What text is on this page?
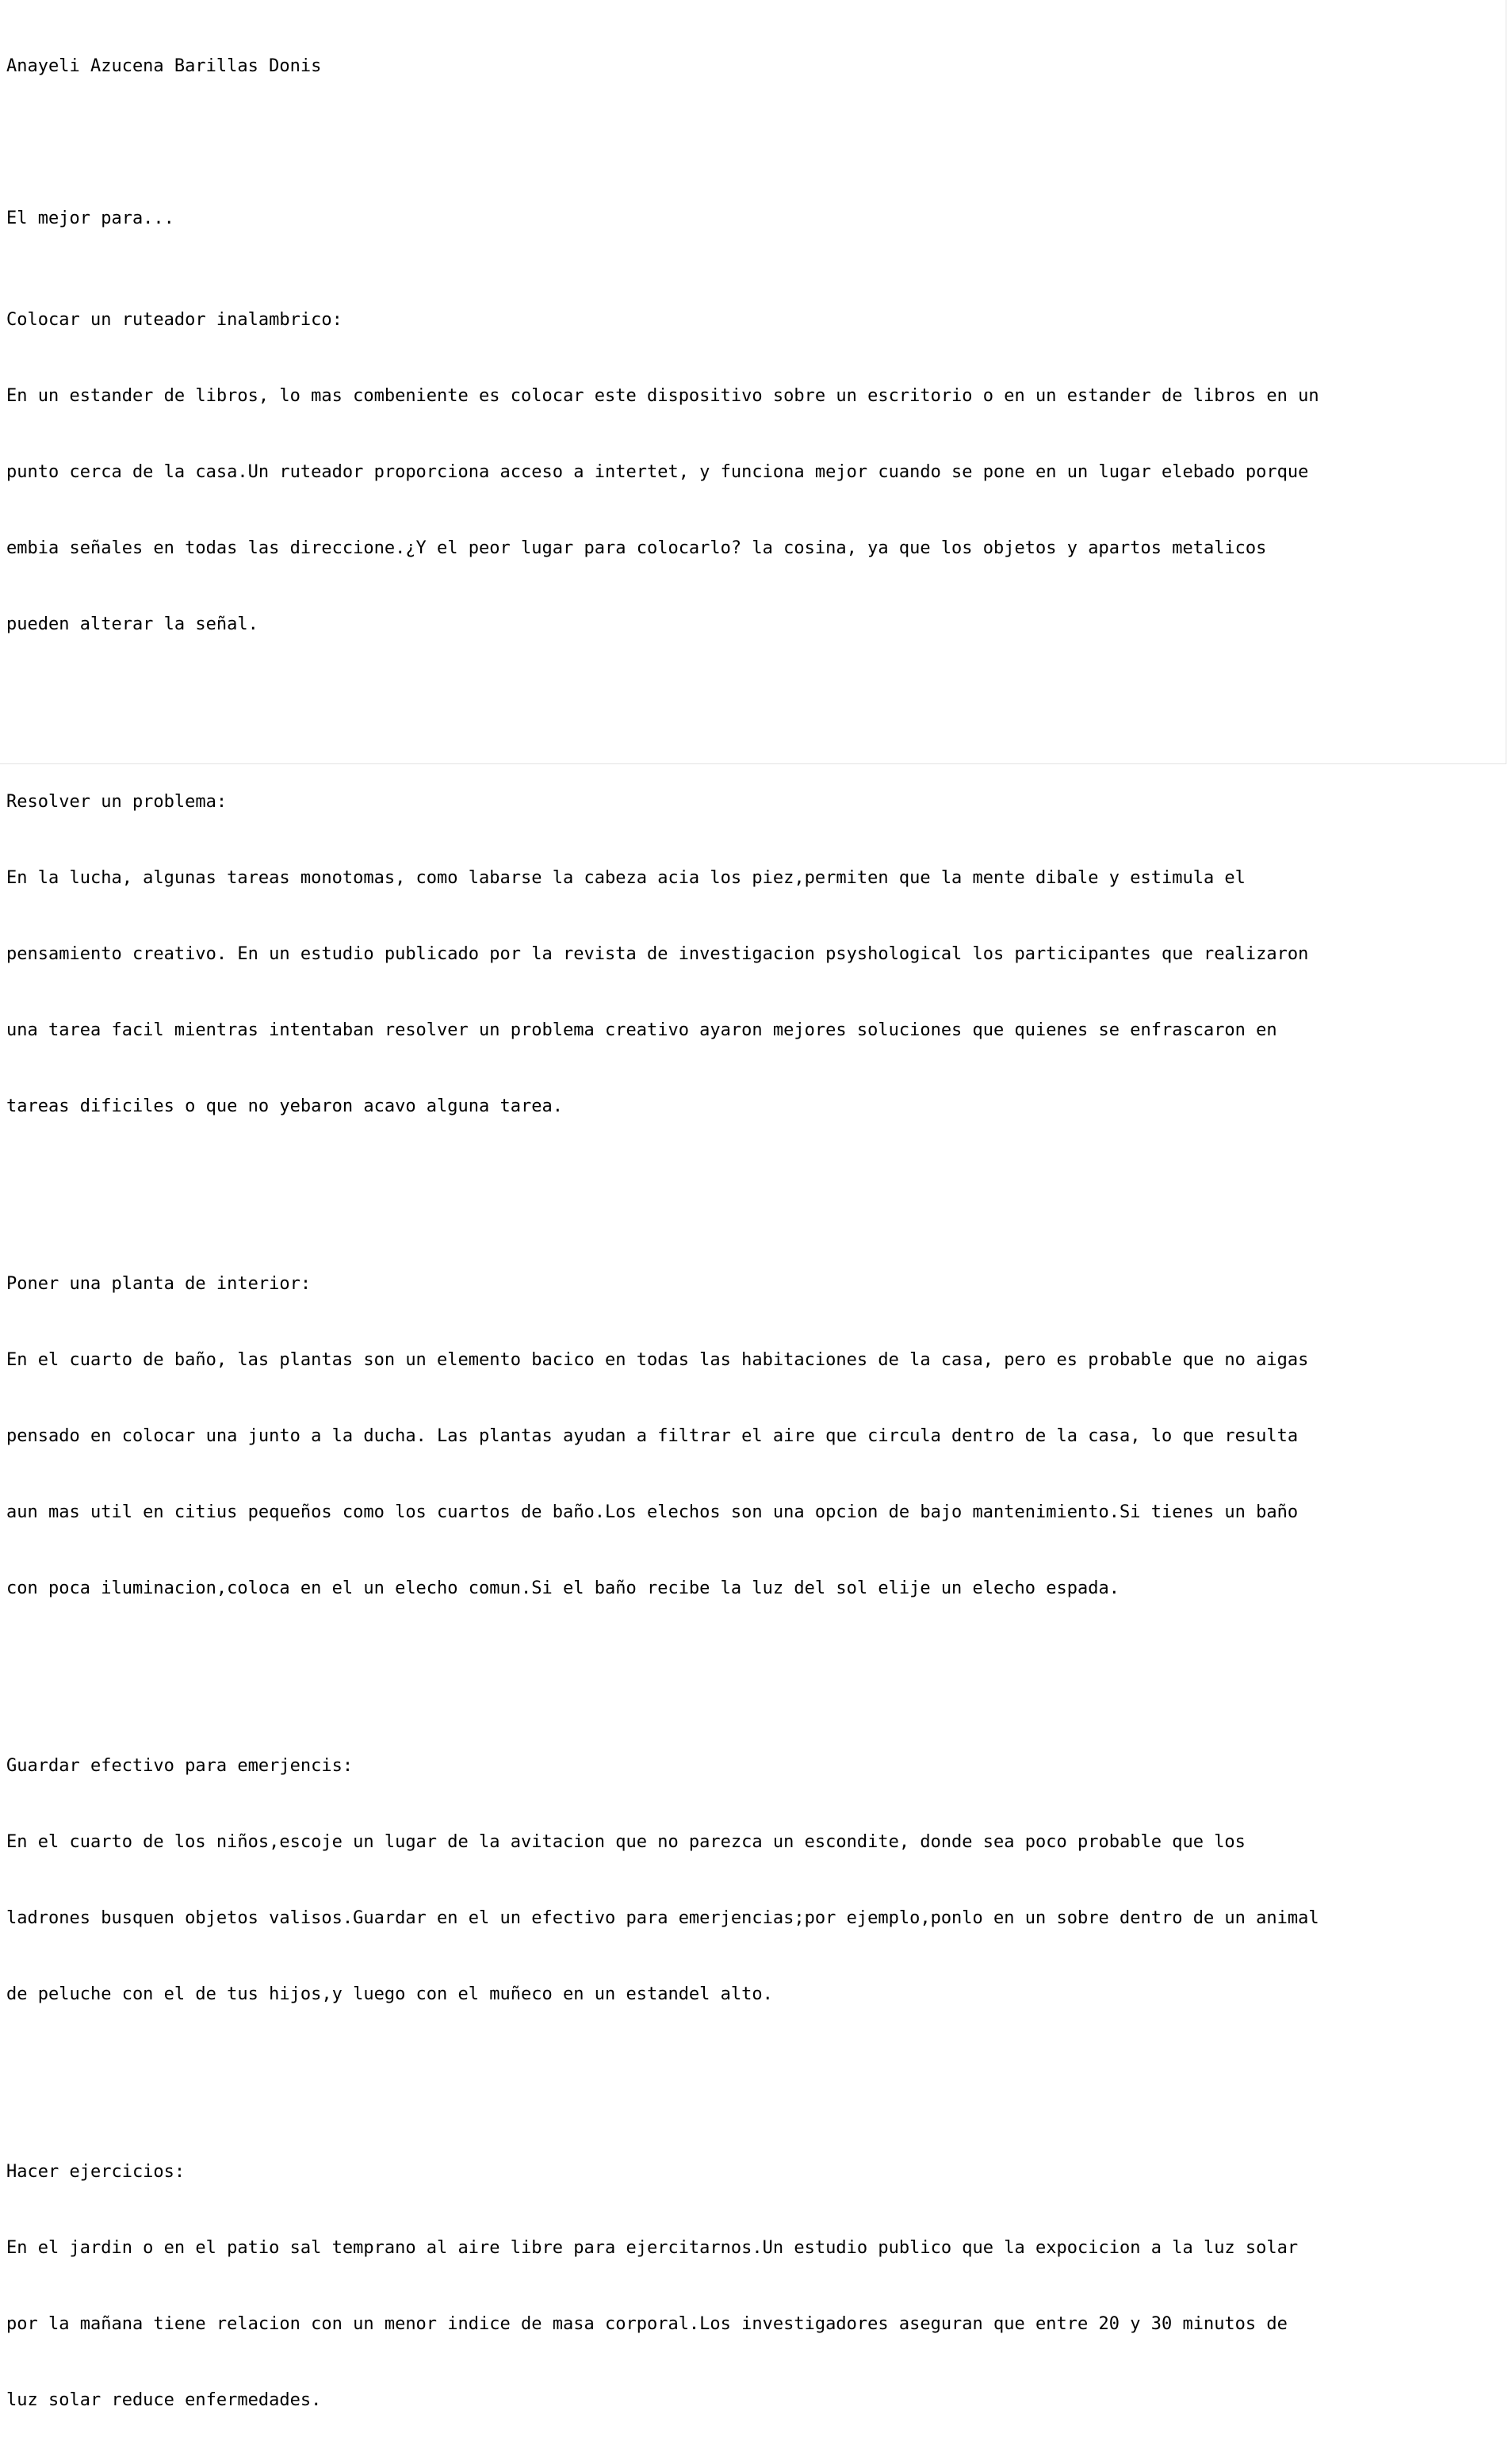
Anayeli Azucena Barillas Donis

El mejor para...

Colocar un ruteador inalambrico:

En un estander de libros, lo mas combeniente es colocar este dispositivo sobre un escritorio o en un estander de libros en un

punto cerca de la casa.Un ruteador proporciona acceso a intertet, y funciona mejor cuando se pone en un lugar elebado porque

embia señales en todas las direccione.¿Y el peor lugar para colocarlo? la cosina, ya que los objetos y apartos metalicos

pueden alterar la señal.

Resolver un problema:

En la lucha, algunas tareas monotomas, como labarse la cabeza acia los piez,permiten que la mente dibale y estimula el

pensamiento creativo. En un estudio publicado por la revista de investigacion psyshological los participantes que realizaron

una tarea facil mientras intentaban resolver un problema creativo ayaron mejores soluciones que quienes se enfrascaron en

tareas dificiles o que no yebaron acavo alguna tarea.

Poner una planta de interior:

En el cuarto de baño, las plantas son un elemento bacico en todas las habitaciones de la casa, pero es probable que no aigas

pensado en colocar una junto a la ducha. Las plantas ayudan a filtrar el aire que circula dentro de la casa, lo que resulta

aun mas util en citius pequeños como los cuartos de baño.Los elechos son una opcion de bajo mantenimiento.Si tienes un baño

con poca iluminacion,coloca en el un elecho comun.Si el baño recibe la luz del sol elije un elecho espada.

Guardar efectivo para emerjencis:

En el cuarto de los niños,escoje un lugar de la avitacion que no parezca un escondite, donde sea poco probable que los

ladrones busquen objetos valisos.Guardar en el un efectivo para emerjencias;por ejemplo,ponlo en un sobre dentro de un animal

de peluche con el de tus hijos,y luego con el muñeco en un estandel alto.

Hacer ejercicios:

En el jardin o en el patio sal temprano al aire libre para ejercitarnos.Un estudio publico que la expocicion a la luz solar

por la mañana tiene relacion con un menor indice de masa corporal.Los investigadores aseguran que entre 20 y 30 minutos de

luz solar reduce enfermedades.
